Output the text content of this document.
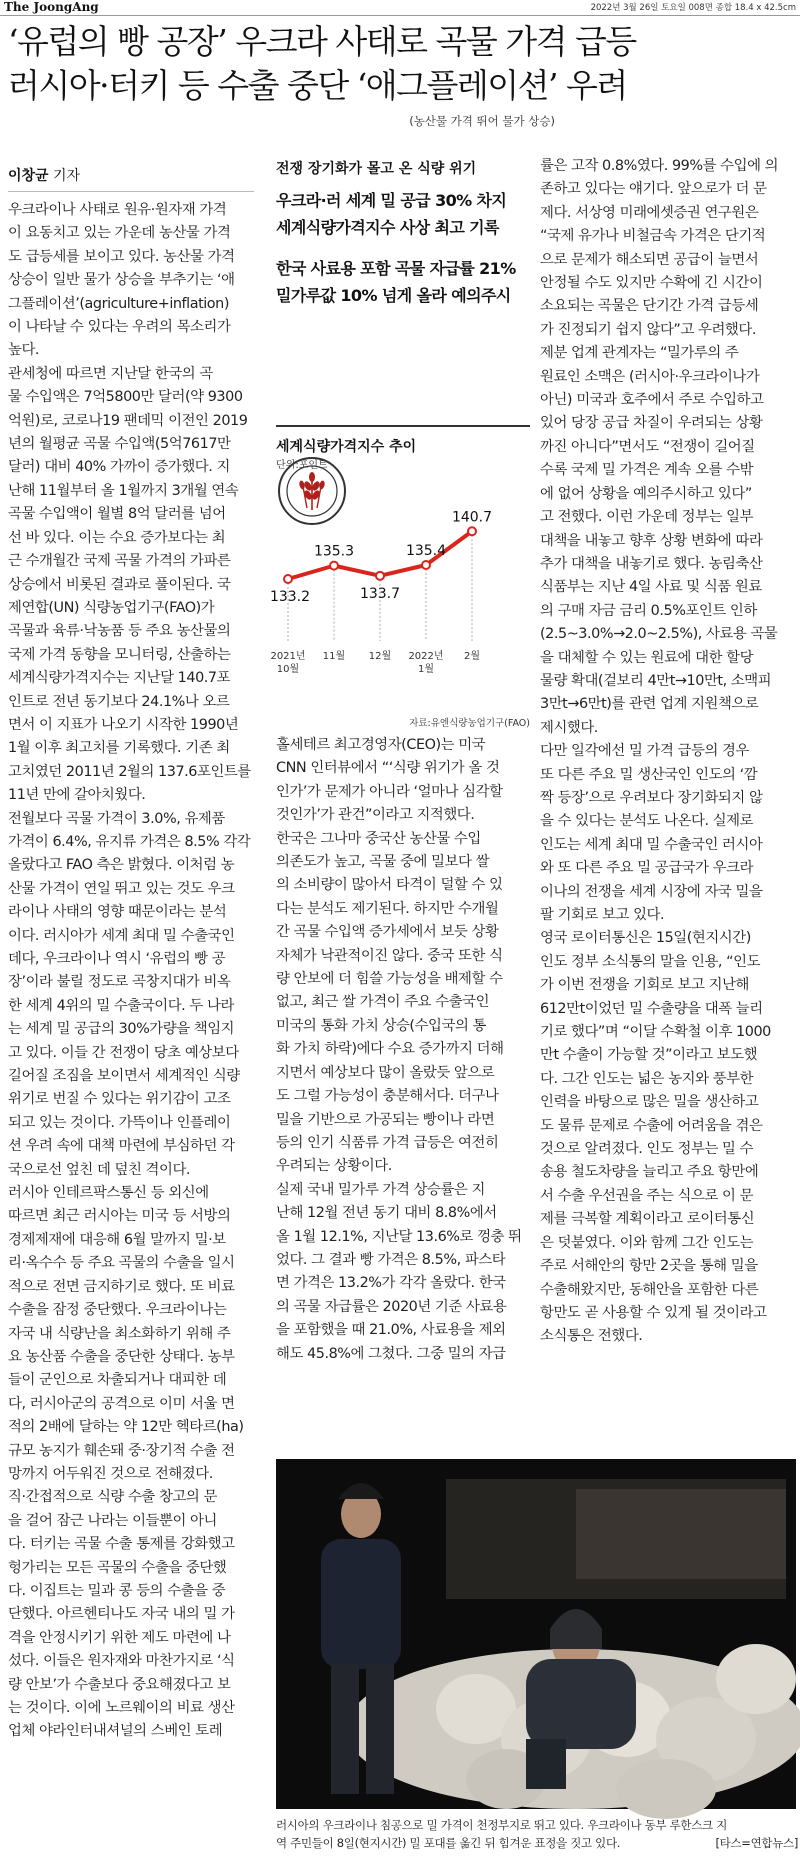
The JoongAng	2022년 3월 26일 토요일 008면 종합 18.4 x 42.5cm
‘유럽의 빵 공장’ 우크라 사태로 곡물 가격 급등
러시아·터키 등 수출 중단 ‘애그플레이션’ 우려
(농산물 가격 뛰어 물가 상승)
이창균 기자

우크라이나 사태로 원유·원자재 가격

이 요동치고 있는 가운데 농산물 가격

도 급등세를 보이고 있다. 농산물 가격

상승이 일반 물가 상승을 부추기는 ‘애

그플레이션’(agriculture+inflation)

이 나타날 수 있다는 우려의 목소리가

높다.

관세청에 따르면 지난달 한국의 곡

물 수입액은 7억5800만 달러(약 9300

억원)로, 코로나19 팬데믹 이전인 2019

년의 월평균 곡물 수입액(5억7617만

달러) 대비 40% 가까이 증가했다. 지

난해 11월부터 올 1월까지 3개월 연속

곡물 수입액이 월별 8억 달러를 넘어

선 바 있다. 이는 수요 증가보다는 최

근 수개월간 국제 곡물 가격의 가파른

상승에서 비롯된 결과로 풀이된다. 국

제연합(UN) 식량농업기구(FAO)가

곡물과 육류·낙농품 등 주요 농산물의

국제 가격 동향을 모니터링, 산출하는

세계식량가격지수는 지난달 140.7포

인트로 전년 동기보다 24.1%나 오르

면서 이 지표가 나오기 시작한 1990년

1월 이후 최고치를 기록했다. 기존 최

고치였던 2011년 2월의 137.6포인트를

11년 만에 갈아치웠다.

전월보다 곡물 가격이 3.0%, 유제품

가격이 6.4%, 유지류 가격은 8.5% 각각

올랐다고 FAO 측은 밝혔다. 이처럼 농

산물 가격이 연일 뛰고 있는 것도 우크

라이나 사태의 영향 때문이라는 분석

이다. 러시아가 세계 최대 밀 수출국인

데다, 우크라이나 역시 ‘유럽의 빵 공

장’이라 불릴 정도로 곡창지대가 비옥

한 세계 4위의 밀 수출국이다. 두 나라

는 세계 밀 공급의 30%가량을 책임지

고 있다. 이들 간 전쟁이 당초 예상보다

길어질 조짐을 보이면서 세계적인 식량

위기로 번질 수 있다는 위기감이 고조

되고 있는 것이다. 가뜩이나 인플레이

션 우려 속에 대책 마련에 부심하던 각

국으로선 엎친 데 덮친 격이다.

러시아 인테르팍스통신 등 외신에

따르면 최근 러시아는 미국 등 서방의

경제제재에 대응해 6월 말까지 밀·보

리·옥수수 등 주요 곡물의 수출을 일시

적으로 전면 금지하기로 했다. 또 비료

수출을 잠정 중단했다. 우크라이나는

자국 내 식량난을 최소화하기 위해 주

요 농산품 수출을 중단한 상태다. 농부

들이 군인으로 차출되거나 대피한 데

다, 러시아군의 공격으로 이미 서울 면

적의 2배에 달하는 약 12만 헥타르(ha)

규모 농지가 훼손돼 중·장기적 수출 전

망까지 어두워진 것으로 전해졌다.

직·간접적으로 식량 수출 창고의 문

을 걸어 잠근 나라는 이들뿐이 아니

다. 터키는 곡물 수출 통제를 강화했고

헝가리는 모든 곡물의 수출을 중단했

다. 이집트는 밀과 콩 등의 수출을 중

단했다. 아르헨티나도 자국 내의 밀 가

격을 안정시키기 위한 제도 마련에 나

섰다. 이들은 원자재와 마찬가지로 ‘식

량 안보’가 수출보다 중요해졌다고 보

는 것이다. 이에 노르웨이의 비료 생산

업체 야라인터내셔널의 스베인 토레

전쟁 장기화가 몰고 온 식량 위기

우크라·러 세계 밀 공급 30% 차지

세계식량가격지수 사상 최고 기록

한국 사료용 포함 곡물 자급률 21%

밀가루값 10% 넘게 올라 예의주시

세계식량가격지수 추이
단위:포인트
133.2
2021년
10월
135.3
11월
133.7
12월
135.4
2022년
1월
140.7
2월
자료:유엔식량농업기구(FAO)

홀세테르 최고경영자(CEO)는 미국

CNN 인터뷰에서 “‘식량 위기가 올 것

인가’가 문제가 아니라 ‘얼마나 심각할

것인가’가 관건”이라고 지적했다.

한국은 그나마 중국산 농산물 수입

의존도가 높고, 곡물 중에 밀보다 쌀

의 소비량이 많아서 타격이 덜할 수 있

다는 분석도 제기된다. 하지만 수개월

간 곡물 수입액 증가세에서 보듯 상황

자체가 낙관적이진 않다. 중국 또한 식

량 안보에 더 힘쓸 가능성을 배제할 수

없고, 최근 쌀 가격이 주요 수출국인

미국의 통화 가치 상승(수입국의 통

화 가치 하락)에다 수요 증가까지 더해

지면서 예상보다 많이 올랐듯 앞으로

도 그럴 가능성이 충분해서다. 더구나

밀을 기반으로 가공되는 빵이나 라면

등의 인기 식품류 가격 급등은 여전히

우려되는 상황이다.

실제 국내 밀가루 가격 상승률은 지

난해 12월 전년 동기 대비 8.8%에서

올 1월 12.1%, 지난달 13.6%로 껑충 뛰

었다. 그 결과 빵 가격은 8.5%, 파스타

면 가격은 13.2%가 각각 올랐다. 한국

의 곡물 자급률은 2020년 기준 사료용

을 포함했을 때 21.0%, 사료용을 제외

해도 45.8%에 그쳤다. 그중 밀의 자급

률은 고작 0.8%였다. 99%를 수입에 의

존하고 있다는 얘기다. 앞으로가 더 문

제다. 서상영 미래에셋증권 연구원은

“국제 유가나 비철금속 가격은 단기적

으로 문제가 해소되면 공급이 늘면서

안정될 수도 있지만 수확에 긴 시간이

소요되는 곡물은 단기간 가격 급등세

가 진정되기 쉽지 않다”고 우려했다.

제분 업계 관계자는 “밀가루의 주

원료인 소맥은 (러시아·우크라이나가

아닌) 미국과 호주에서 주로 수입하고

있어 당장 공급 차질이 우려되는 상황

까진 아니다”면서도 “전쟁이 길어질

수록 국제 밀 가격은 계속 오를 수밖

에 없어 상황을 예의주시하고 있다”

고 전했다. 이런 가운데 정부는 일부

대책을 내놓고 향후 상황 변화에 따라

추가 대책을 내놓기로 했다. 농림축산

식품부는 지난 4일 사료 및 식품 원료

의 구매 자금 금리 0.5%포인트 인하

(2.5~3.0%→2.0~2.5%), 사료용 곡물

을 대체할 수 있는 원료에 대한 할당

물량 확대(겉보리 4만t→10만t, 소맥피

3만t→6만t)를 관련 업계 지원책으로

제시했다.

다만 일각에선 밀 가격 급등의 경우

또 다른 주요 밀 생산국인 인도의 ‘깜

짝 등장’으로 우려보다 장기화되지 않

을 수 있다는 분석도 나온다. 실제로

인도는 세계 최대 밀 수출국인 러시아

와 또 다른 주요 밀 공급국가 우크라

이나의 전쟁을 세계 시장에 자국 밀을

팔 기회로 보고 있다.

영국 로이터통신은 15일(현지시간)

인도 정부 소식통의 말을 인용, “인도

가 이번 전쟁을 기회로 보고 지난해

612만t이었던 밀 수출량을 대폭 늘리

기로 했다”며 “이달 수확철 이후 1000

만t 수출이 가능할 것”이라고 보도했

다. 그간 인도는 넓은 농지와 풍부한

인력을 바탕으로 많은 밀을 생산하고

도 물류 문제로 수출에 어려움을 겪은

것으로 알려졌다. 인도 정부는 밀 수

송용 철도차량을 늘리고 주요 항만에

서 수출 우선권을 주는 식으로 이 문

제를 극복할 계획이라고 로이터통신

은 덧붙였다. 이와 함께 그간 인도는

주로 서해안의 항만 2곳을 통해 밀을

수출해왔지만, 동해안을 포함한 다른

항만도 곧 사용할 수 있게 될 것이라고

소식통은 전했다.

러시아의 우크라이나 침공으로 밀 가격이 천정부지로 뛰고 있다. 우크라이나 동부 루한스크 지

역 주민들이 8일(현지시간) 밀 포대를 옮긴 뒤 힘겨운 표정을 짓고 있다.	[타스=연합뉴스]
